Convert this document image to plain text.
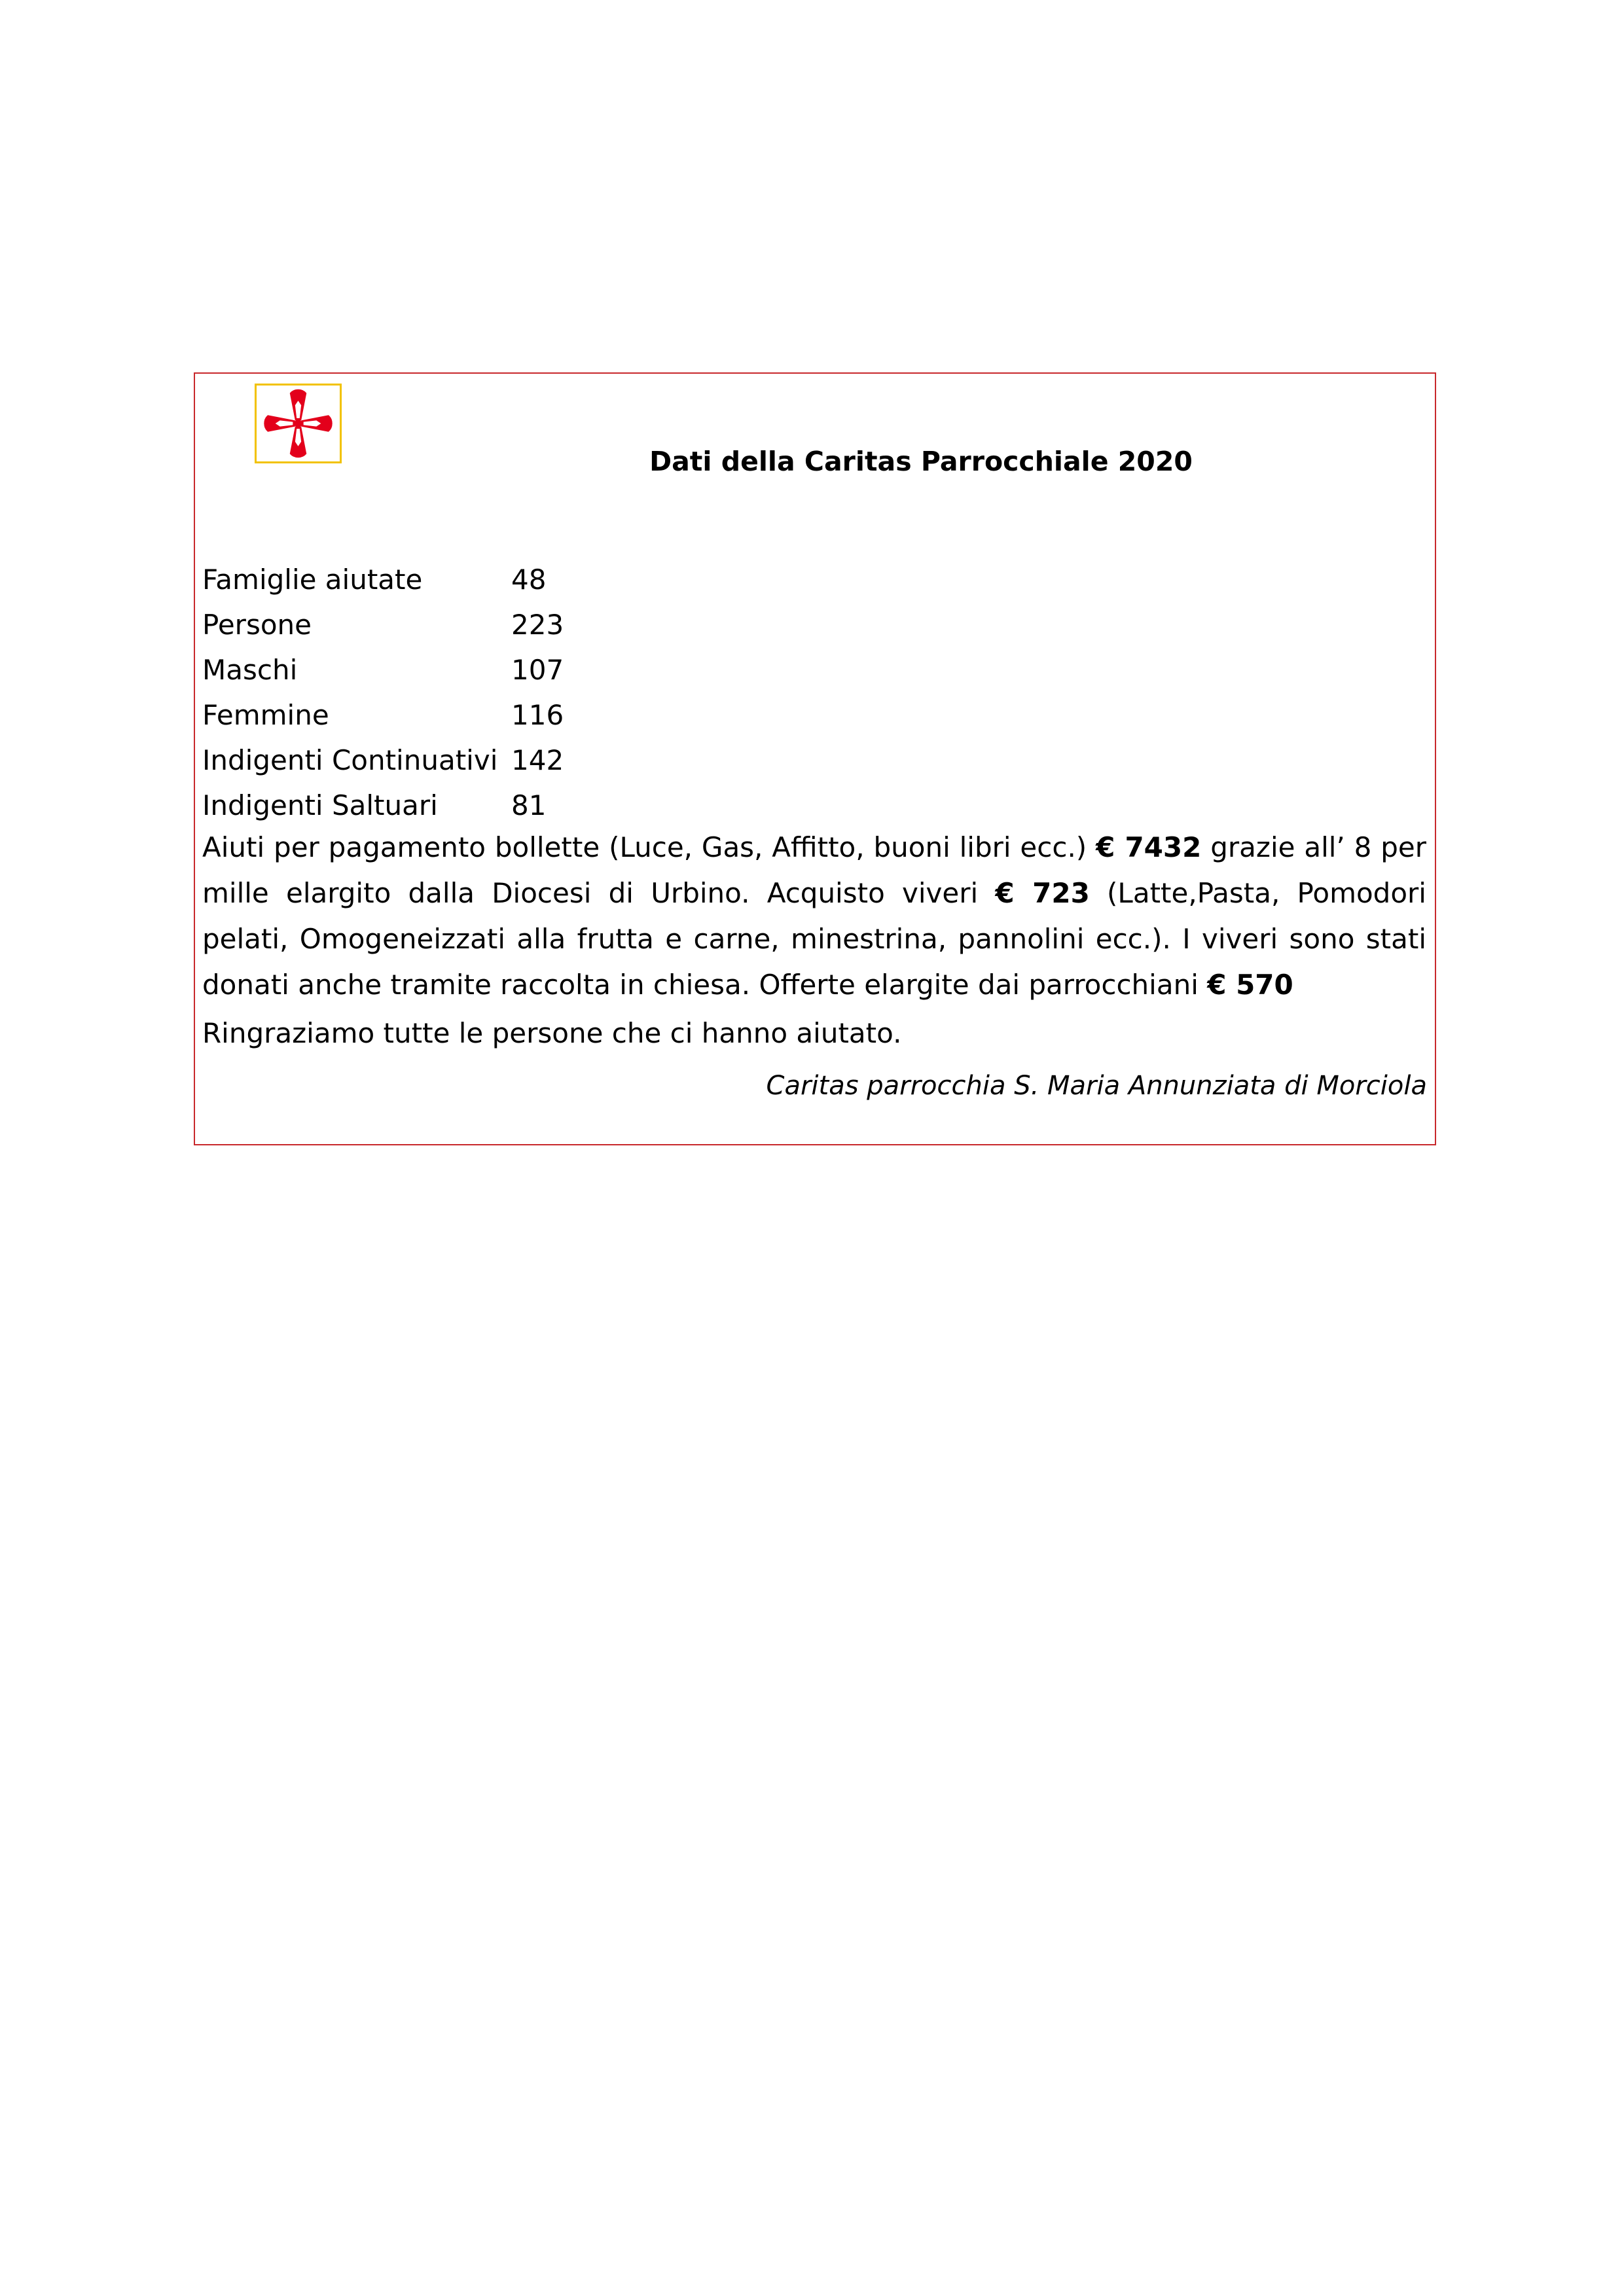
Dati della Caritas Parrocchiale 2020
Famiglie aiutate	48
Persone	223
Maschi	107
Femmine	116
Indigenti Continuativi 142
Indigenti Saltuari	81
Aiuti per pagamento bollette (Luce, Gas, Affitto, buoni libri ecc.) € 7432 grazie all’ 8 per mille elargito dalla Diocesi di Urbino. Acquisto viveri € 723 (Latte,Pasta, Pomodori pelati, Omogeneizzati alla frutta e carne, minestrina, pannolini ecc.). I viveri sono stati donati anche tramite raccolta in chiesa. Offerte elargite dai parrocchiani € 570
Ringraziamo tutte le persone che ci hanno aiutato.
Caritas parrocchia S. Maria Annunziata di Morciola
